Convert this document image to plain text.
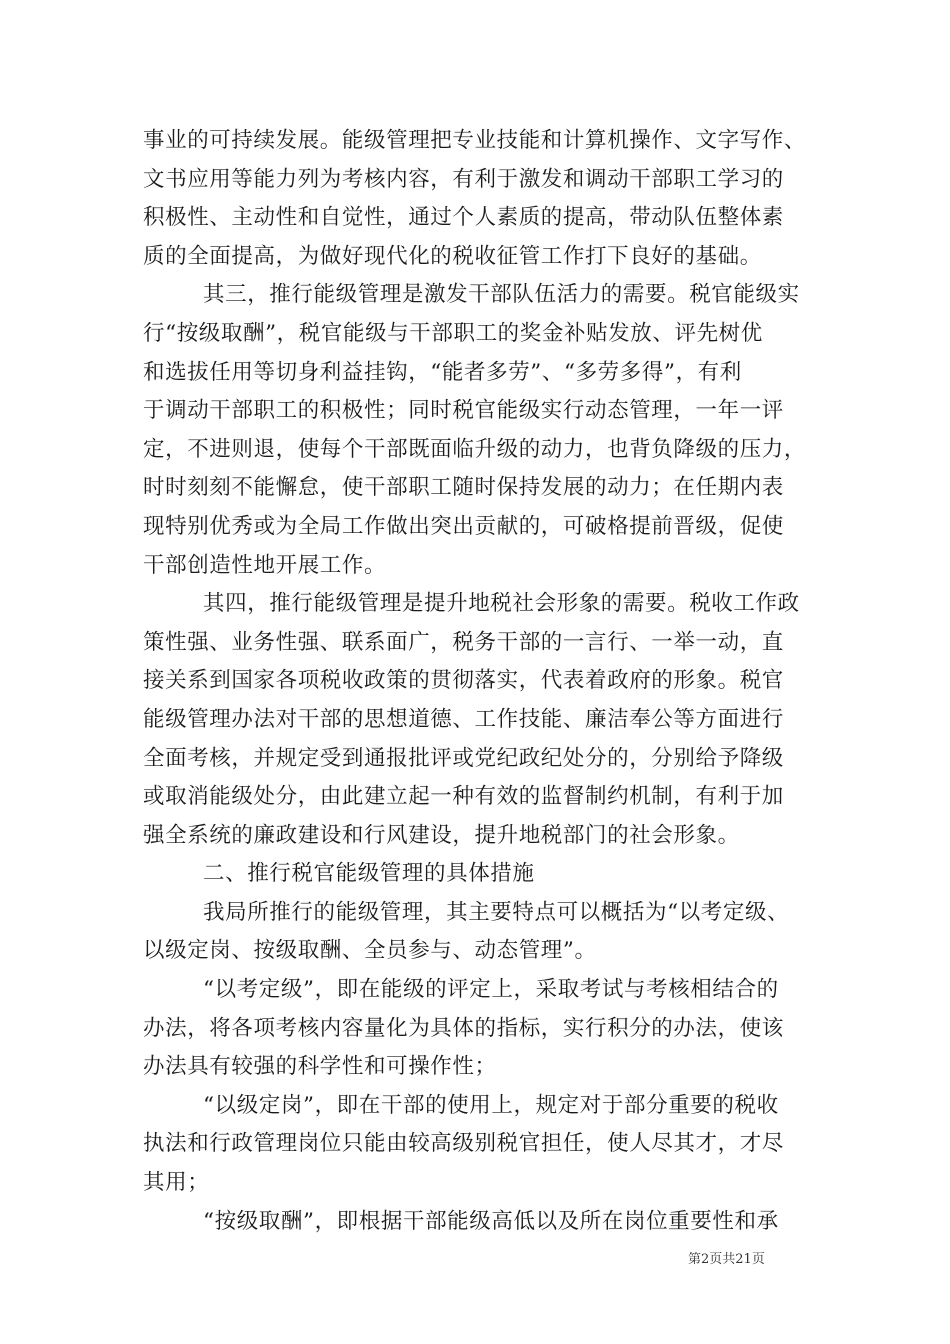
事业的可持续发展。能级管理把专业技能和计算机操作、文字写作、
文书应用等能力列为考核内容，有利于激发和调动干部职工学习的
积极性、主动性和自觉性，通过个人素质的提高，带动队伍整体素
质的全面提高，为做好现代化的税收征管工作打下良好的基础。
其三，推行能级管理是激发干部队伍活力的需要。税官能级实
行“按级取酬”，税官能级与干部职工的奖金补贴发放、评先树优
和选拔任用等切身利益挂钩，“能者多劳”、“多劳多得”，有利
于调动干部职工的积极性；同时税官能级实行动态管理，一年一评
定，不进则退，使每个干部既面临升级的动力，也背负降级的压力，
时时刻刻不能懈怠，使干部职工随时保持发展的动力；在任期内表
现特别优秀或为全局工作做出突出贡献的，可破格提前晋级，促使
干部创造性地开展工作。
其四，推行能级管理是提升地税社会形象的需要。税收工作政
策性强、业务性强、联系面广，税务干部的一言行、一举一动，直
接关系到国家各项税收政策的贯彻落实，代表着政府的形象。税官
能级管理办法对干部的思想道德、工作技能、廉洁奉公等方面进行
全面考核，并规定受到通报批评或党纪政纪处分的，分别给予降级
或取消能级处分，由此建立起一种有效的监督制约机制，有利于加
强全系统的廉政建设和行风建设，提升地税部门的社会形象。
二、推行税官能级管理的具体措施
我局所推行的能级管理，其主要特点可以概括为“以考定级、
以级定岗、按级取酬、全员参与、动态管理”。
“以考定级”，即在能级的评定上，采取考试与考核相结合的
办法，将各项考核内容量化为具体的指标，实行积分的办法，使该
办法具有较强的科学性和可操作性；
“以级定岗”，即在干部的使用上，规定对于部分重要的税收
执法和行政管理岗位只能由较高级别税官担任，使人尽其才，才尽
其用；
“按级取酬”，即根据干部能级高低以及所在岗位重要性和承
第2页共21页
